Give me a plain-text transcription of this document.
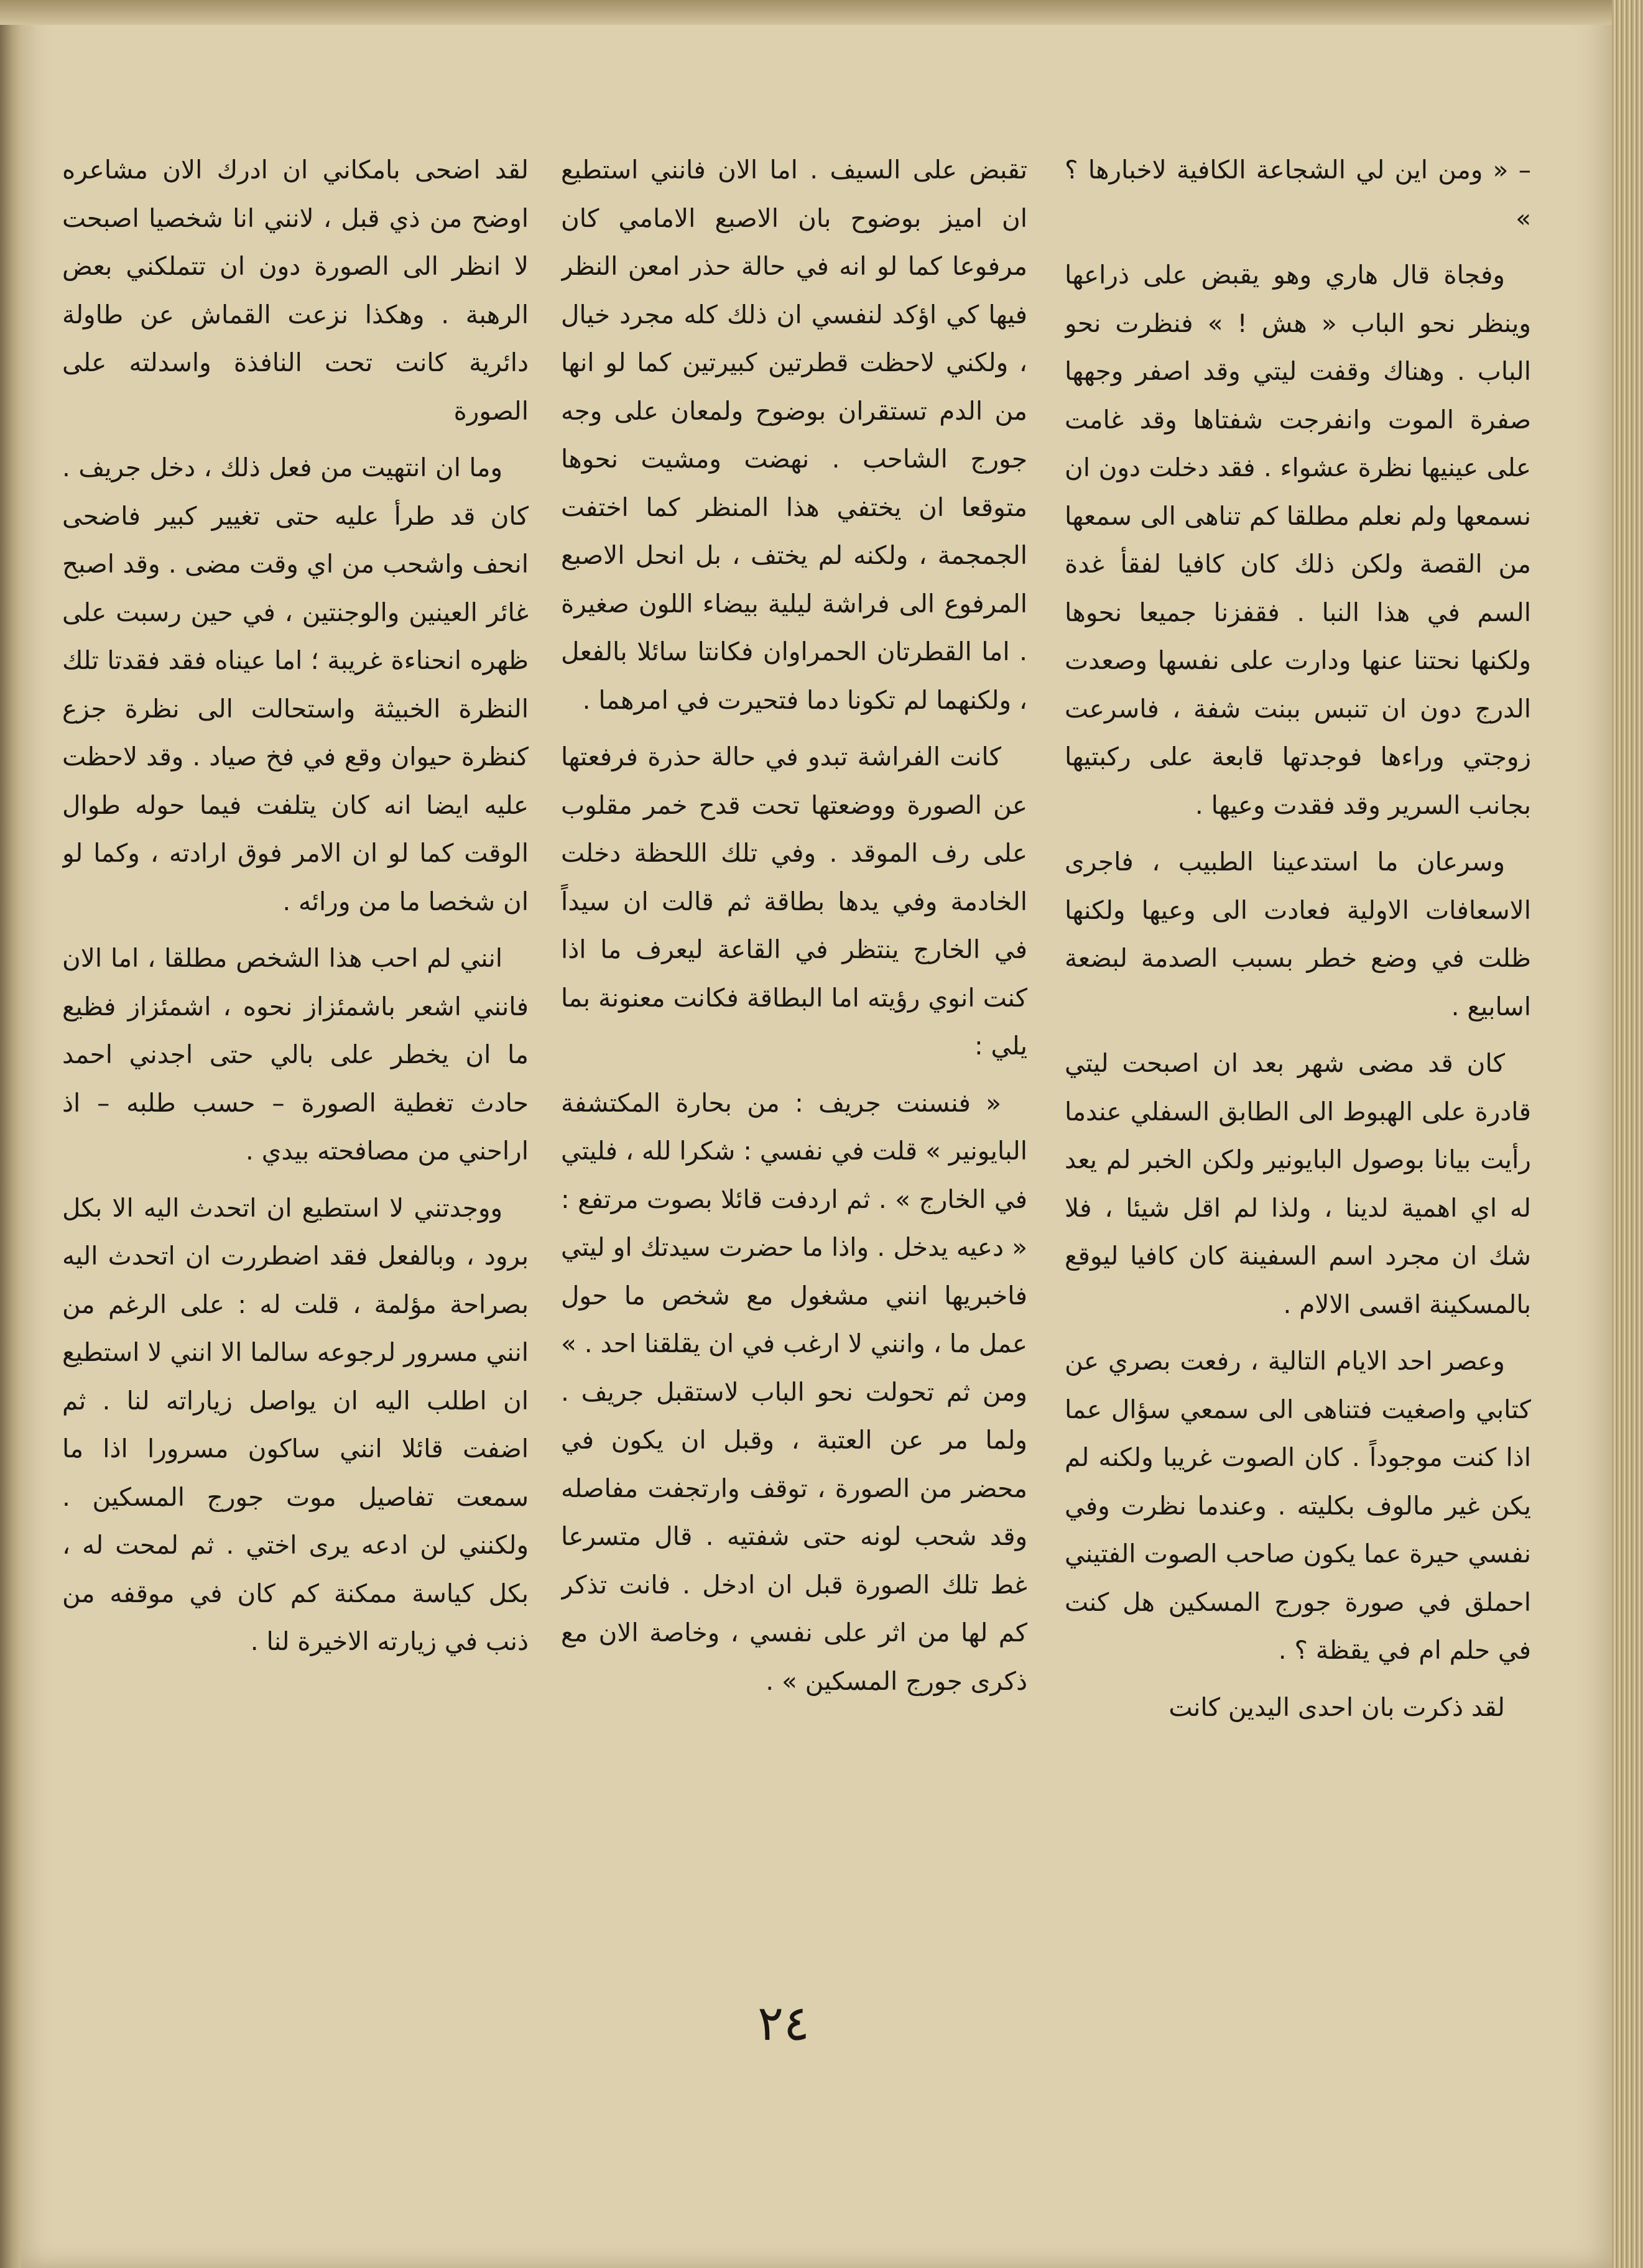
– « ومن اين لي الشجاعة الكافية لاخبارها ؟ »

وفجاة قال هاري وهو يقبض على ذراعها وينظر نحو الباب « هش ! » فنظرت نحو الباب . وهناك وقفت ليتي وقد اصفر وجهها صفرة الموت وانفرجت شفتاها وقد غامت على عينيها نظرة عشواء . فقد دخلت دون ان نسمعها ولم نعلم مطلقا كم تناهى الى سمعها من القصة ولكن ذلك كان كافيا لفقأ غدة السم في هذا النبا . فقفزنا جميعا نحوها ولكنها نحتنا عنها ودارت على نفسها وصعدت الدرج دون ان تنبس ببنت شفة ، فاسرعت زوجتي وراءها فوجدتها قابعة على ركبتيها بجانب السرير وقد فقدت وعيها .

وسرعان ما استدعينا الطبيب ، فاجرى الاسعافات الاولية فعادت الى وعيها ولكنها ظلت في وضع خطر بسبب الصدمة لبضعة اسابيع .

كان قد مضى شهر بعد ان اصبحت ليتي قادرة على الهبوط الى الطابق السفلي عندما رأيت بيانا بوصول البايونير ولكن الخبر لم يعد له اي اهمية لدينا ، ولذا لم اقل شيئا ، فلا شك ان مجرد اسم السفينة كان كافيا ليوقع بالمسكينة اقسى الالام .

وعصر احد الايام التالية ، رفعت بصري عن كتابي واصغيت فتناهى الى سمعي سؤال عما اذا كنت موجوداً . كان الصوت غريبا ولكنه لم يكن غير مالوف بكليته . وعندما نظرت وفي نفسي حيرة عما يكون صاحب الصوت الفتيني احملق في صورة جورج المسكين هل كنت في حلم ام في يقظة ؟ .

لقد ذكرت بان احدى اليدين كانت

تقبض على السيف . اما الان فانني استطيع ان اميز بوضوح بان الاصبع الامامي كان مرفوعا كما لو انه في حالة حذر امعن النظر فيها كي اؤكد لنفسي ان ذلك كله مجرد خيال ، ولكني لاحظت قطرتين كبيرتين كما لو انها من الدم تستقران بوضوح ولمعان على وجه جورج الشاحب . نهضت ومشيت نحوها متوقعا ان يختفي هذا المنظر كما اختفت الجمجمة ، ولكنه لم يختف ، بل انحل الاصبع المرفوع الى فراشة ليلية بيضاء اللون صغيرة . اما القطرتان الحمراوان فكانتا سائلا بالفعل ، ولكنهما لم تكونا دما فتحيرت في امرهما .

كانت الفراشة تبدو في حالة حذرة فرفعتها عن الصورة ووضعتها تحت قدح خمر مقلوب على رف الموقد . وفي تلك اللحظة دخلت الخادمة وفي يدها بطاقة ثم قالت ان سيداً في الخارج ينتظر في القاعة ليعرف ما اذا كنت انوي رؤيته اما البطاقة فكانت معنونة بما يلي :

« فنسنت جريف : من بحارة المكتشفة البايونير » قلت في نفسي : شكرا لله ، فليتي في الخارج » . ثم اردفت قائلا بصوت مرتفع : « دعيه يدخل . واذا ما حضرت سيدتك او ليتي فاخبريها انني مشغول مع شخص ما حول عمل ما ، وانني لا ارغب في ان يقلقنا احد . » ومن ثم تحولت نحو الباب لاستقبل جريف . ولما مر عن العتبة ، وقبل ان يكون في محضر من الصورة ، توقف وارتجفت مفاصله وقد شحب لونه حتى شفتيه . قال متسرعا غط تلك الصورة قبل ان ادخل . فانت تذكر كم لها من اثر على نفسي ، وخاصة الان مع ذكرى جورج المسكين » .

لقد اضحى بامكاني ان ادرك الان مشاعره اوضح من ذي قبل ، لانني انا شخصيا اصبحت لا انظر الى الصورة دون ان تتملكني بعض الرهبة . وهكذا نزعت القماش عن طاولة دائرية كانت تحت النافذة واسدلته على الصورة

وما ان انتهيت من فعل ذلك ، دخل جريف . كان قد طرأ عليه حتى تغيير كبير فاضحى انحف واشحب من اي وقت مضى . وقد اصبح غائر العينين والوجنتين ، في حين رسبت على ظهره انحناءة غريبة ؛ اما عيناه فقد فقدتا تلك النظرة الخبيثة واستحالت الى نظرة جزع كنظرة حيوان وقع في فخ صياد . وقد لاحظت عليه ايضا انه كان يتلفت فيما حوله طوال الوقت كما لو ان الامر فوق ارادته ، وكما لو ان شخصا ما من ورائه .

انني لم احب هذا الشخص مطلقا ، اما الان فانني اشعر باشمئزاز نحوه ، اشمئزاز فظيع ما ان يخطر على بالي حتى اجدني احمد حادث تغطية الصورة – حسب طلبه – اذ اراحني من مصافحته بيدي .

ووجدتني لا استطيع ان اتحدث اليه الا بكل برود ، وبالفعل فقد اضطررت ان اتحدث اليه بصراحة مؤلمة ، قلت له : على الرغم من انني مسرور لرجوعه سالما الا انني لا استطيع ان اطلب اليه ان يواصل زياراته لنا . ثم اضفت قائلا انني ساكون مسرورا اذا ما سمعت تفاصيل موت جورج المسكين . ولكنني لن ادعه يرى اختي . ثم لمحت له ، بكل كياسة ممكنة كم كان في موقفه من ذنب في زيارته الاخيرة لنا .

٢٤
